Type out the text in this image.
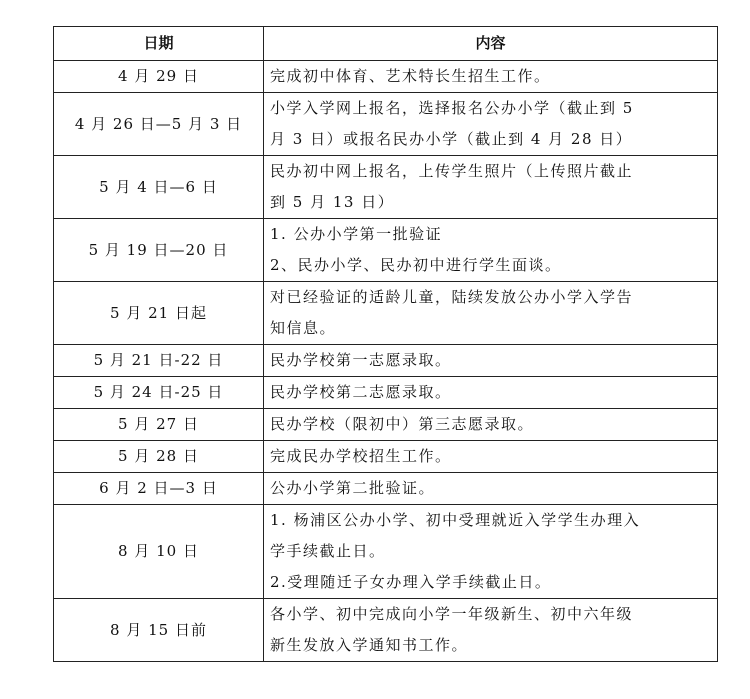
日期	内容
4 月 29 日	完成初中体育、艺术特长生招生工作。

4 月 26 日—5 月 3 日	小学入学网上报名，选择报名公办小学（截止到 5
月 3 日）或报名民办小学（截止到 4 月 28 日）

5 月 4 日—6 日	民办初中网上报名，上传学生照片（上传照片截止
到 5 月 13 日）

5 月 19 日—20 日	1. 公办小学第一批验证
2、民办小学、民办初中进行学生面谈。

5 月 21 日起	对已经验证的适龄儿童，陆续发放公办小学入学告
知信息。

5 月 21 日-22 日	民办学校第一志愿录取。

5 月 24 日-25 日	民办学校第二志愿录取。

5 月 27 日	民办学校（限初中）第三志愿录取。

5 月 28 日	完成民办学校招生工作。

6 月 2 日—3 日	公办小学第二批验证。

8 月 10 日	1. 杨浦区公办小学、初中受理就近入学学生办理入
学手续截止日。
2.受理随迁子女办理入学手续截止日。

8 月 15 日前	各小学、初中完成向小学一年级新生、初中六年级
新生发放入学通知书工作。
